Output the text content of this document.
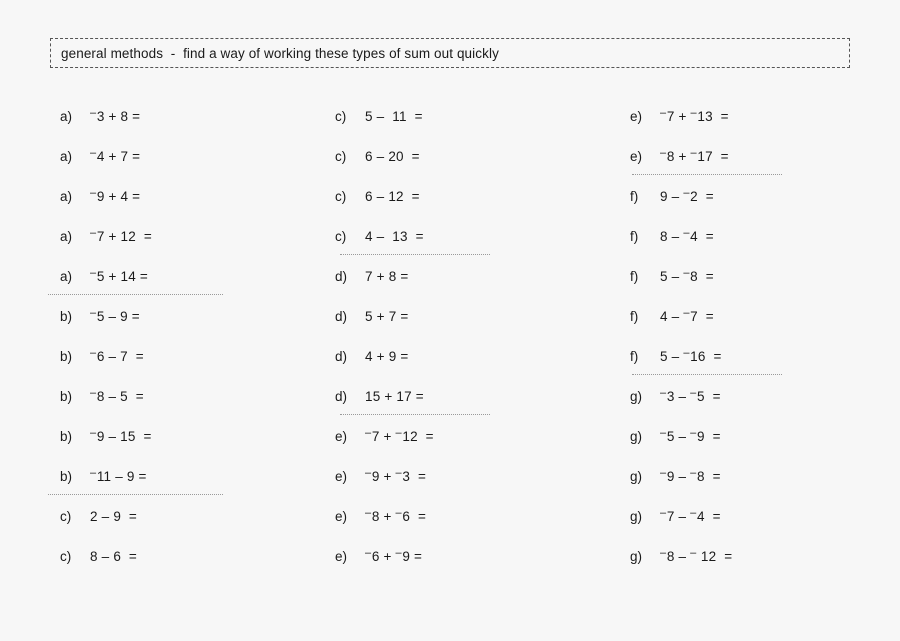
general methods  -  find a way of working these types of sum out quickly
a)	–3 + 8 =
a)	–4 + 7 =
a)	–9 + 4 =
a)	–7 + 12  =
a)	–5 + 14 =
b)	–5 – 9 =
b)	–6 – 7  =
b)	–8 – 5  =
b)	–9 – 15  =
b)	–11 – 9 =
c)	2 – 9  =
c)	8 – 6  =
c)	5 –  11  =
c)	6 – 20  =
c)	6 – 12  =
c)	4 –  13  =
d)	7 + 8 =
d)	5 + 7 =
d)	4 + 9 =
d)	15 + 17 =
e)	–7 + –12  =
e)	–9 + –3  =
e)	–8 + –6  =
e)	–6 + –9 =
e)	–7 + –13  =
e)	–8 + –17  =
f)	9 – –2  =
f)	8 – –4  =
f)	5 – –8  =
f)	4 – –7  =
f)	5 – –16  =
g)	–3 – –5  =
g)	–5 – –9  =
g)	–9 – –8  =
g)	–7 – –4  =
g)	–8 – – 12  =
